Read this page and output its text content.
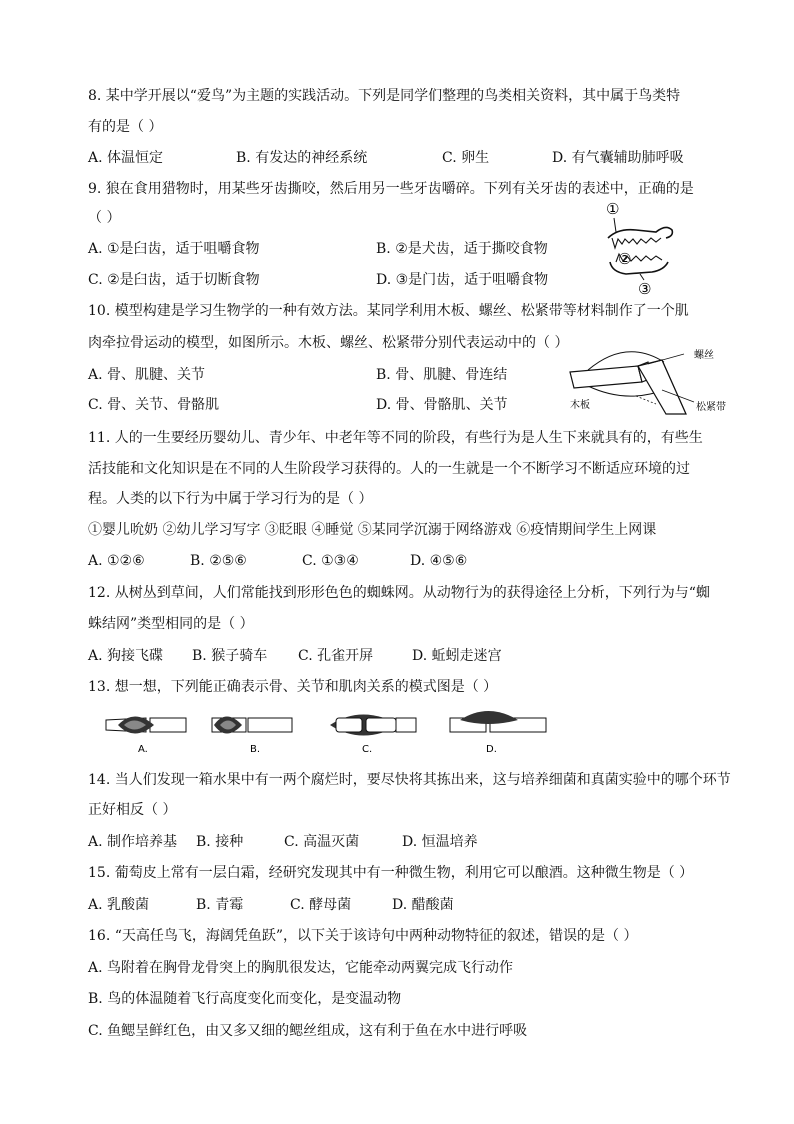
8. 某中学开展以“爱鸟”为主题的实践活动。下列是同学们整理的鸟类相关资料，其中属于鸟类特
有的是（ ）
A. 体温恒定	B. 有发达的神经系统	C. 卵生	D. 有气囊辅助肺呼吸
9. 狼在食用猎物时，用某些牙齿撕咬，然后用另一些牙齿嚼碎。下列有关牙齿的表述中，正确的是
（ ）
A. ①是臼齿，适于咀嚼食物	B. ②是犬齿，适于撕咬食物
C. ②是臼齿，适于切断食物	D. ③是门齿，适于咀嚼食物
①
②
③
10. 模型构建是学习生物学的一种有效方法。某同学利用木板、螺丝、松紧带等材料制作了一个肌
肉牵拉骨运动的模型，如图所示。木板、螺丝、松紧带分别代表运动中的（ ）
A. 骨、肌腱、关节	B. 骨、肌腱、骨连结
C. 骨、关节、骨骼肌	D. 骨、骨骼肌、关节
螺丝
木板	松紧带
11. 人的一生要经历婴幼儿、青少年、中老年等不同的阶段，有些行为是人生下来就具有的，有些生
活技能和文化知识是在不同的人生阶段学习获得的。人的一生就是一个不断学习不断适应环境的过
程。人类的以下行为中属于学习行为的是（ ）
①婴儿吮奶 ②幼儿学习写字 ③眨眼 ④睡觉 ⑤某同学沉溺于网络游戏 ⑥疫情期间学生上网课
A. ①②⑥	B. ②⑤⑥	C. ①③④	D. ④⑤⑥
12. 从树丛到草间，人们常能找到形形色色的蜘蛛网。从动物行为的获得途径上分析，下列行为与“蜘
蛛结网”类型相同的是（ ）
A. 狗接飞碟 B. 猴子骑车 C. 孔雀开屏	D. 蚯蚓走迷宫
13. 想一想，下列能正确表示骨、关节和肌肉关系的模式图是（ ）
A.	B.	C.	D.
14. 当人们发现一箱水果中有一两个腐烂时，要尽快将其拣出来，这与培养细菌和真菌实验中的哪个环节
正好相反（ ）
A. 制作培养基 B. 接种	C. 高温灭菌	D. 恒温培养
15. 葡萄皮上常有一层白霜，经研究发现其中有一种微生物，利用它可以酿酒。这种微生物是（ ）
A. 乳酸菌	B. 青霉	C. 酵母菌	D. 醋酸菌
16. “天高任鸟飞，海阔凭鱼跃”，以下关于该诗句中两种动物特征的叙述，错误的是（ ）
A. 鸟附着在胸骨龙骨突上的胸肌很发达，它能牵动两翼完成飞行动作
B. 鸟的体温随着飞行高度变化而变化，是变温动物
C. 鱼鳃呈鲜红色，由又多又细的鳃丝组成，这有利于鱼在水中进行呼吸
